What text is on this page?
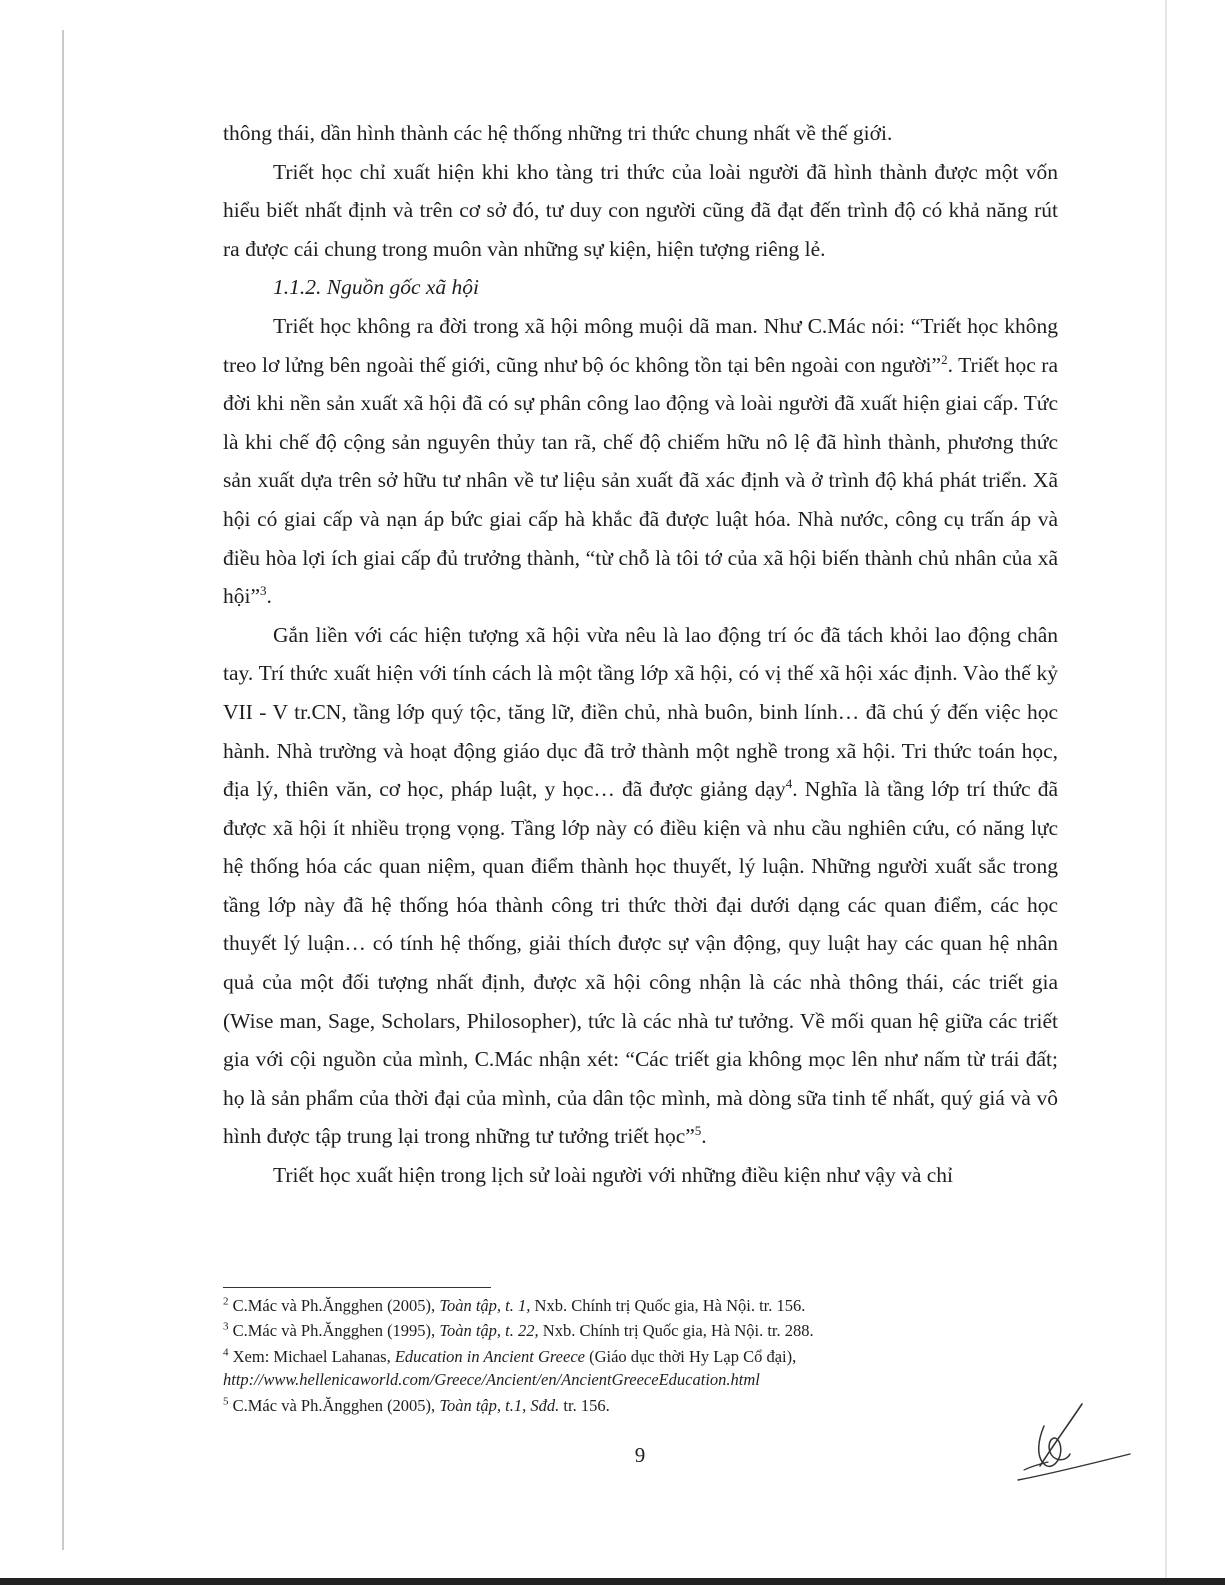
thông thái, dần hình thành các hệ thống những tri thức chung nhất về thế giới.

Triết học chỉ xuất hiện khi kho tàng tri thức của loài người đã hình thành được một vốn hiểu biết nhất định và trên cơ sở đó, tư duy con người cũng đã đạt đến trình độ có khả năng rút ra được cái chung trong muôn vàn những sự kiện, hiện tượng riêng lẻ.

1.1.2. Nguồn gốc xã hội

Triết học không ra đời trong xã hội mông muội dã man. Như C.Mác nói: “Triết học không treo lơ lửng bên ngoài thế giới, cũng như bộ óc không tồn tại bên ngoài con người”$^2$. Triết học ra đời khi nền sản xuất xã hội đã có sự phân công lao động và loài người đã xuất hiện giai cấp. Tức là khi chế độ cộng sản nguyên thủy tan rã, chế độ chiếm hữu nô lệ đã hình thành, phương thức sản xuất dựa trên sở hữu tư nhân về tư liệu sản xuất đã xác định và ở trình độ khá phát triển. Xã hội có giai cấp và nạn áp bức giai cấp hà khắc đã được luật hóa. Nhà nước, công cụ trấn áp và điều hòa lợi ích giai cấp đủ trưởng thành, “từ chỗ là tôi tớ của xã hội biến thành chủ nhân của xã hội”$^3$.

Gắn liền với các hiện tượng xã hội vừa nêu là lao động trí óc đã tách khỏi lao động chân tay. Trí thức xuất hiện với tính cách là một tầng lớp xã hội, có vị thế xã hội xác định. Vào thế kỷ VII - V tr.CN, tầng lớp quý tộc, tăng lữ, điền chủ, nhà buôn, binh lính… đã chú ý đến việc học hành. Nhà trường và hoạt động giáo dục đã trở thành một nghề trong xã hội. Tri thức toán học, địa lý, thiên văn, cơ học, pháp luật, y học… đã được giảng dạy$^4$. Nghĩa là tầng lớp trí thức đã được xã hội ít nhiều trọng vọng. Tầng lớp này có điều kiện và nhu cầu nghiên cứu, có năng lực hệ thống hóa các quan niệm, quan điểm thành học thuyết, lý luận. Những người xuất sắc trong tầng lớp này đã hệ thống hóa thành công tri thức thời đại dưới dạng các quan điểm, các học thuyết lý luận… có tính hệ thống, giải thích được sự vận động, quy luật hay các quan hệ nhân quả của một đối tượng nhất định, được xã hội công nhận là các nhà thông thái, các triết gia (Wise man, Sage, Scholars, Philosopher), tức là các nhà tư tưởng. Về mối quan hệ giữa các triết gia với cội nguồn của mình, C.Mác nhận xét: “Các triết gia không mọc lên như nấm từ trái đất; họ là sản phẩm của thời đại của mình, của dân tộc mình, mà dòng sữa tinh tế nhất, quý giá và vô hình được tập trung lại trong những tư tưởng triết học”$^5$.

Triết học xuất hiện trong lịch sử loài người với những điều kiện như vậy và chỉ

$^2$ C.Mác và Ph.Ăngghen (2005), Toàn tập, t. 1, Nxb. Chính trị Quốc gia, Hà Nội. tr. 156.

$^3$ C.Mác và Ph.Ăngghen (1995), Toàn tập, t. 22, Nxb. Chính trị Quốc gia, Hà Nội. tr. 288.

$^4$ Xem: Michael Lahanas, Education in Ancient Greece (Giáo dục thời Hy Lạp Cổ đại),
http://www.hellenicaworld.com/Greece/Ancient/en/AncientGreeceEducation.html

$^5$ C.Mác và Ph.Ăngghen (2005), Toàn tập, t.1, Sđd. tr. 156.

9
